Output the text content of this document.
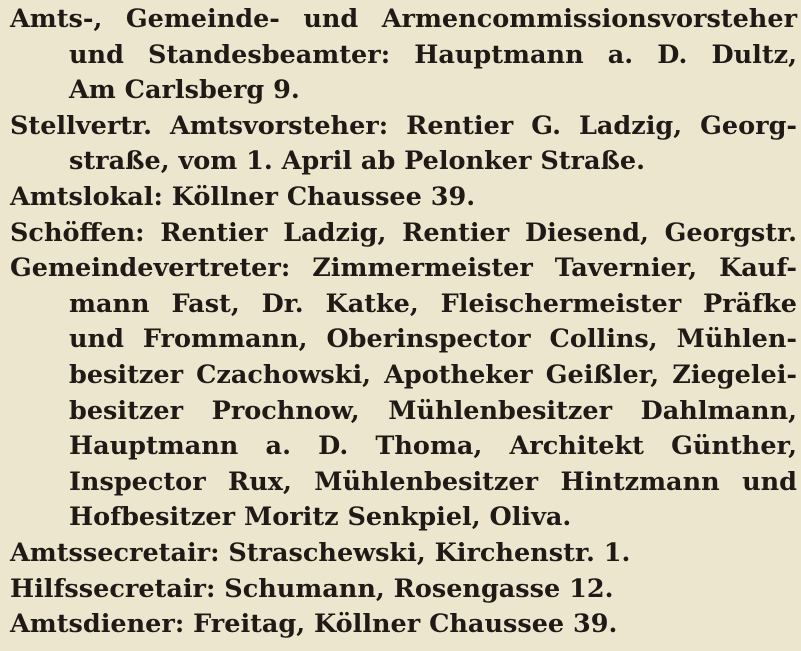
Amts-, Gemeinde- und Armencommissionsvorsteher
und Standesbeamter: Hauptmann a. D. Dultz,
Am Carlsberg 9.
Stellvertr. Amtsvorsteher: Rentier G. Ladzig, Georg-
straße, vom 1. April ab Pelonker Straße.
Amtslokal: Köllner Chaussee 39.
Schöffen: Rentier Ladzig, Rentier Diesend, Georgstr.
Gemeindevertreter: Zimmermeister Tavernier, Kauf-
mann Fast, Dr. Katke, Fleischermeister Präfke
und Frommann, Oberinspector Collins, Mühlen-
besitzer Czachowski, Apotheker Geißler, Ziegelei-
besitzer Prochnow, Mühlenbesitzer Dahlmann,
Hauptmann a. D. Thoma, Architekt Günther,
Inspector Rux, Mühlenbesitzer Hintzmann und
Hofbesitzer Moritz Senkpiel, Oliva.
Amtssecretair: Straschewski, Kirchenstr. 1.
Hilfssecretair: Schumann, Rosengasse 12.
Amtsdiener: Freitag, Köllner Chaussee 39.
